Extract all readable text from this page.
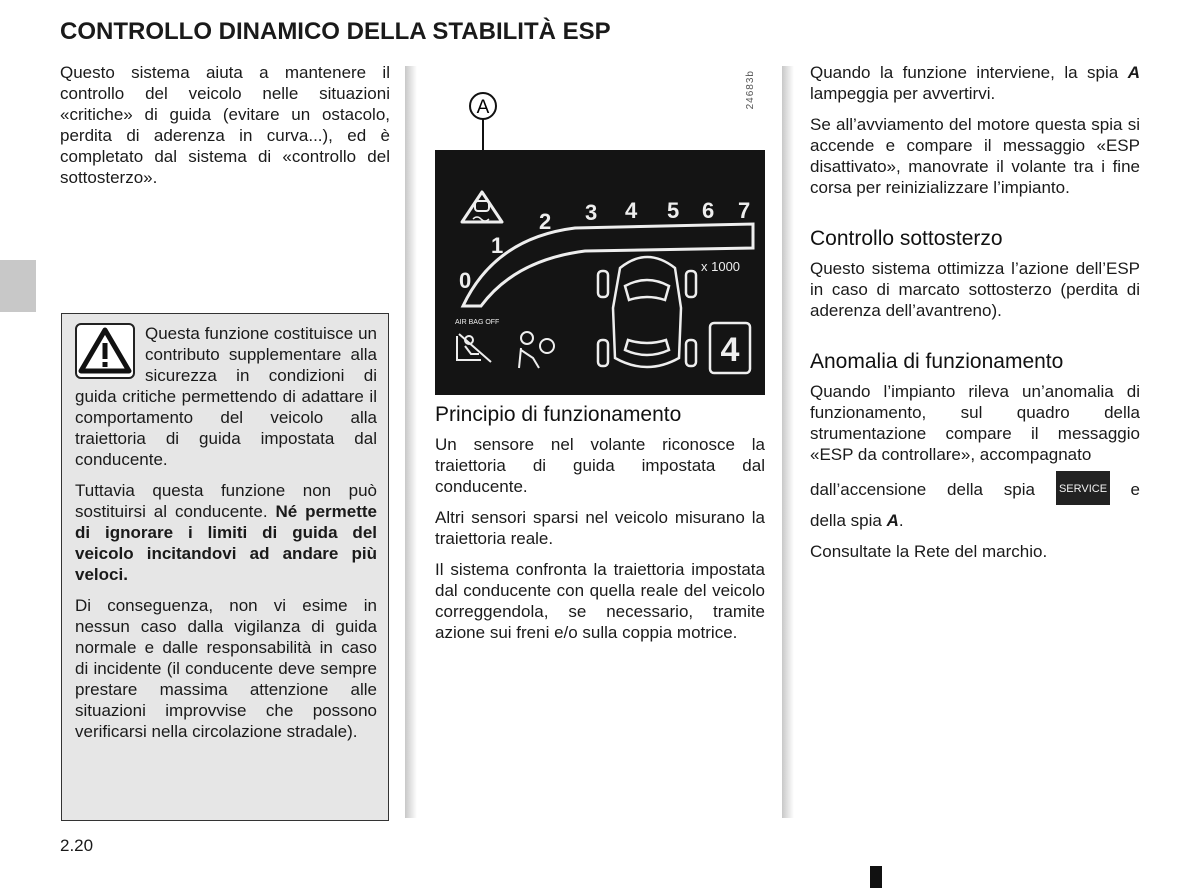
CONTROLLO DINAMICO DELLA STABILITÀ ESP

Questo sistema aiuta a mantenere il controllo del veicolo nelle situazioni «critiche» di guida (evitare un ostacolo, perdita di aderenza in curva...), ed è completato dal sistema di «controllo del sottosterzo».

Questa funzione costituisce un contributo supplementare alla sicurezza in condizioni di guida critiche permettendo di adattare il comportamento del veicolo alla traiettoria di guida impostata dal conducente.

Tuttavia questa funzione non può sostituirsi al conducente. Né permette di ignorare i limiti di guida del veicolo incitandovi ad andare più veloci.

Di conseguenza, non vi esime in nessun caso dalla vigilanza di guida normale e dalle responsabilità in caso di incidente (il conducente deve sempre prestare massima attenzione alle situazioni improvvise che possono verificarsi nella circolazione stradale).

24683b
A
0
1
2 3 4 5 6 7
x 1000
4
AIR BAG OFF
Principio di funzionamento

Un sensore nel volante riconosce la traiettoria di guida impostata dal conducente.

Altri sensori sparsi nel veicolo misurano la traiettoria reale.

Il sistema confronta la traiettoria impostata dal conducente con quella reale del veicolo correggendola, se necessario, tramite azione sui freni e/o sulla coppia motrice.

Quando la funzione interviene, la spia A lampeggia per avvertirvi.

Se all’avviamento del motore questa spia si accende e compare il messaggio «ESP disattivato», manovrate il volante tra i fine corsa per reinizializzare l’impianto.

Controllo sottosterzo

Questo sistema ottimizza l’azione dell’ESP in caso di marcato sottosterzo (perdita di aderenza dell’avantreno).

Anomalia di funzionamento

Quando l’impianto rileva un’anomalia di funzionamento, sul quadro della strumentazione compare il messaggio «ESP da controllare», accompagnato

dall’accensione della spia SERVICE e

della spia A.

Consultate la Rete del marchio.

2.20
